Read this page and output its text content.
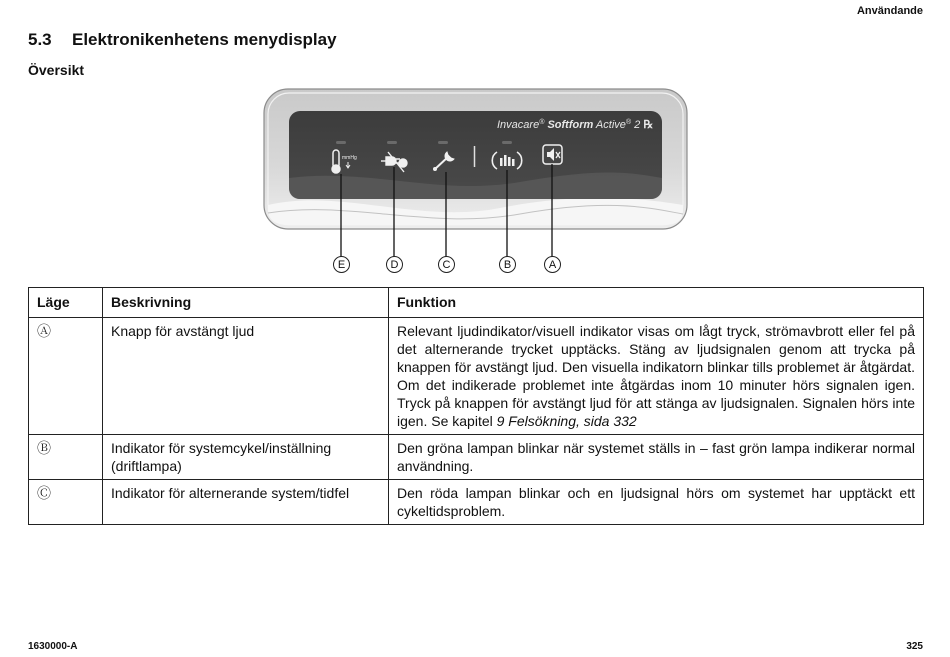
Användande
5.3 Elektronikenhetens menydisplay
Översikt
Invacare® Softform Active® 2 ℞
mmHg
E	D	C	B	A
Läge	Beskrivning	Funktion
Ⓐ	Knapp för avstängt ljud	Relevant ljudindikator/visuell indikator visas om lågt tryck, strömavbrott eller fel på det alternerande trycket upptäcks. Stäng av ljudsignalen genom att trycka på knappen för avstängt ljud. Den visuella indikatorn blinkar tills problemet är åtgärdat. Om det indikerade problemet inte åtgärdas inom 10 minuter hörs signalen igen. Tryck på knappen för avstängt ljud för att stänga av ljudsignalen. Signalen hörs inte igen. Se kapitel 9 Felsökning, sida 332
Ⓑ	Indikator för systemcykel/inställning (driftlampa)	Den gröna lampan blinkar när systemet ställs in – fast grön lampa indikerar normal användning.
Ⓒ	Indikator för alternerande system/tidfel	Den röda lampan blinkar och en ljudsignal hörs om systemet har upptäckt ett cykeltidsproblem.
1630000-A	325
